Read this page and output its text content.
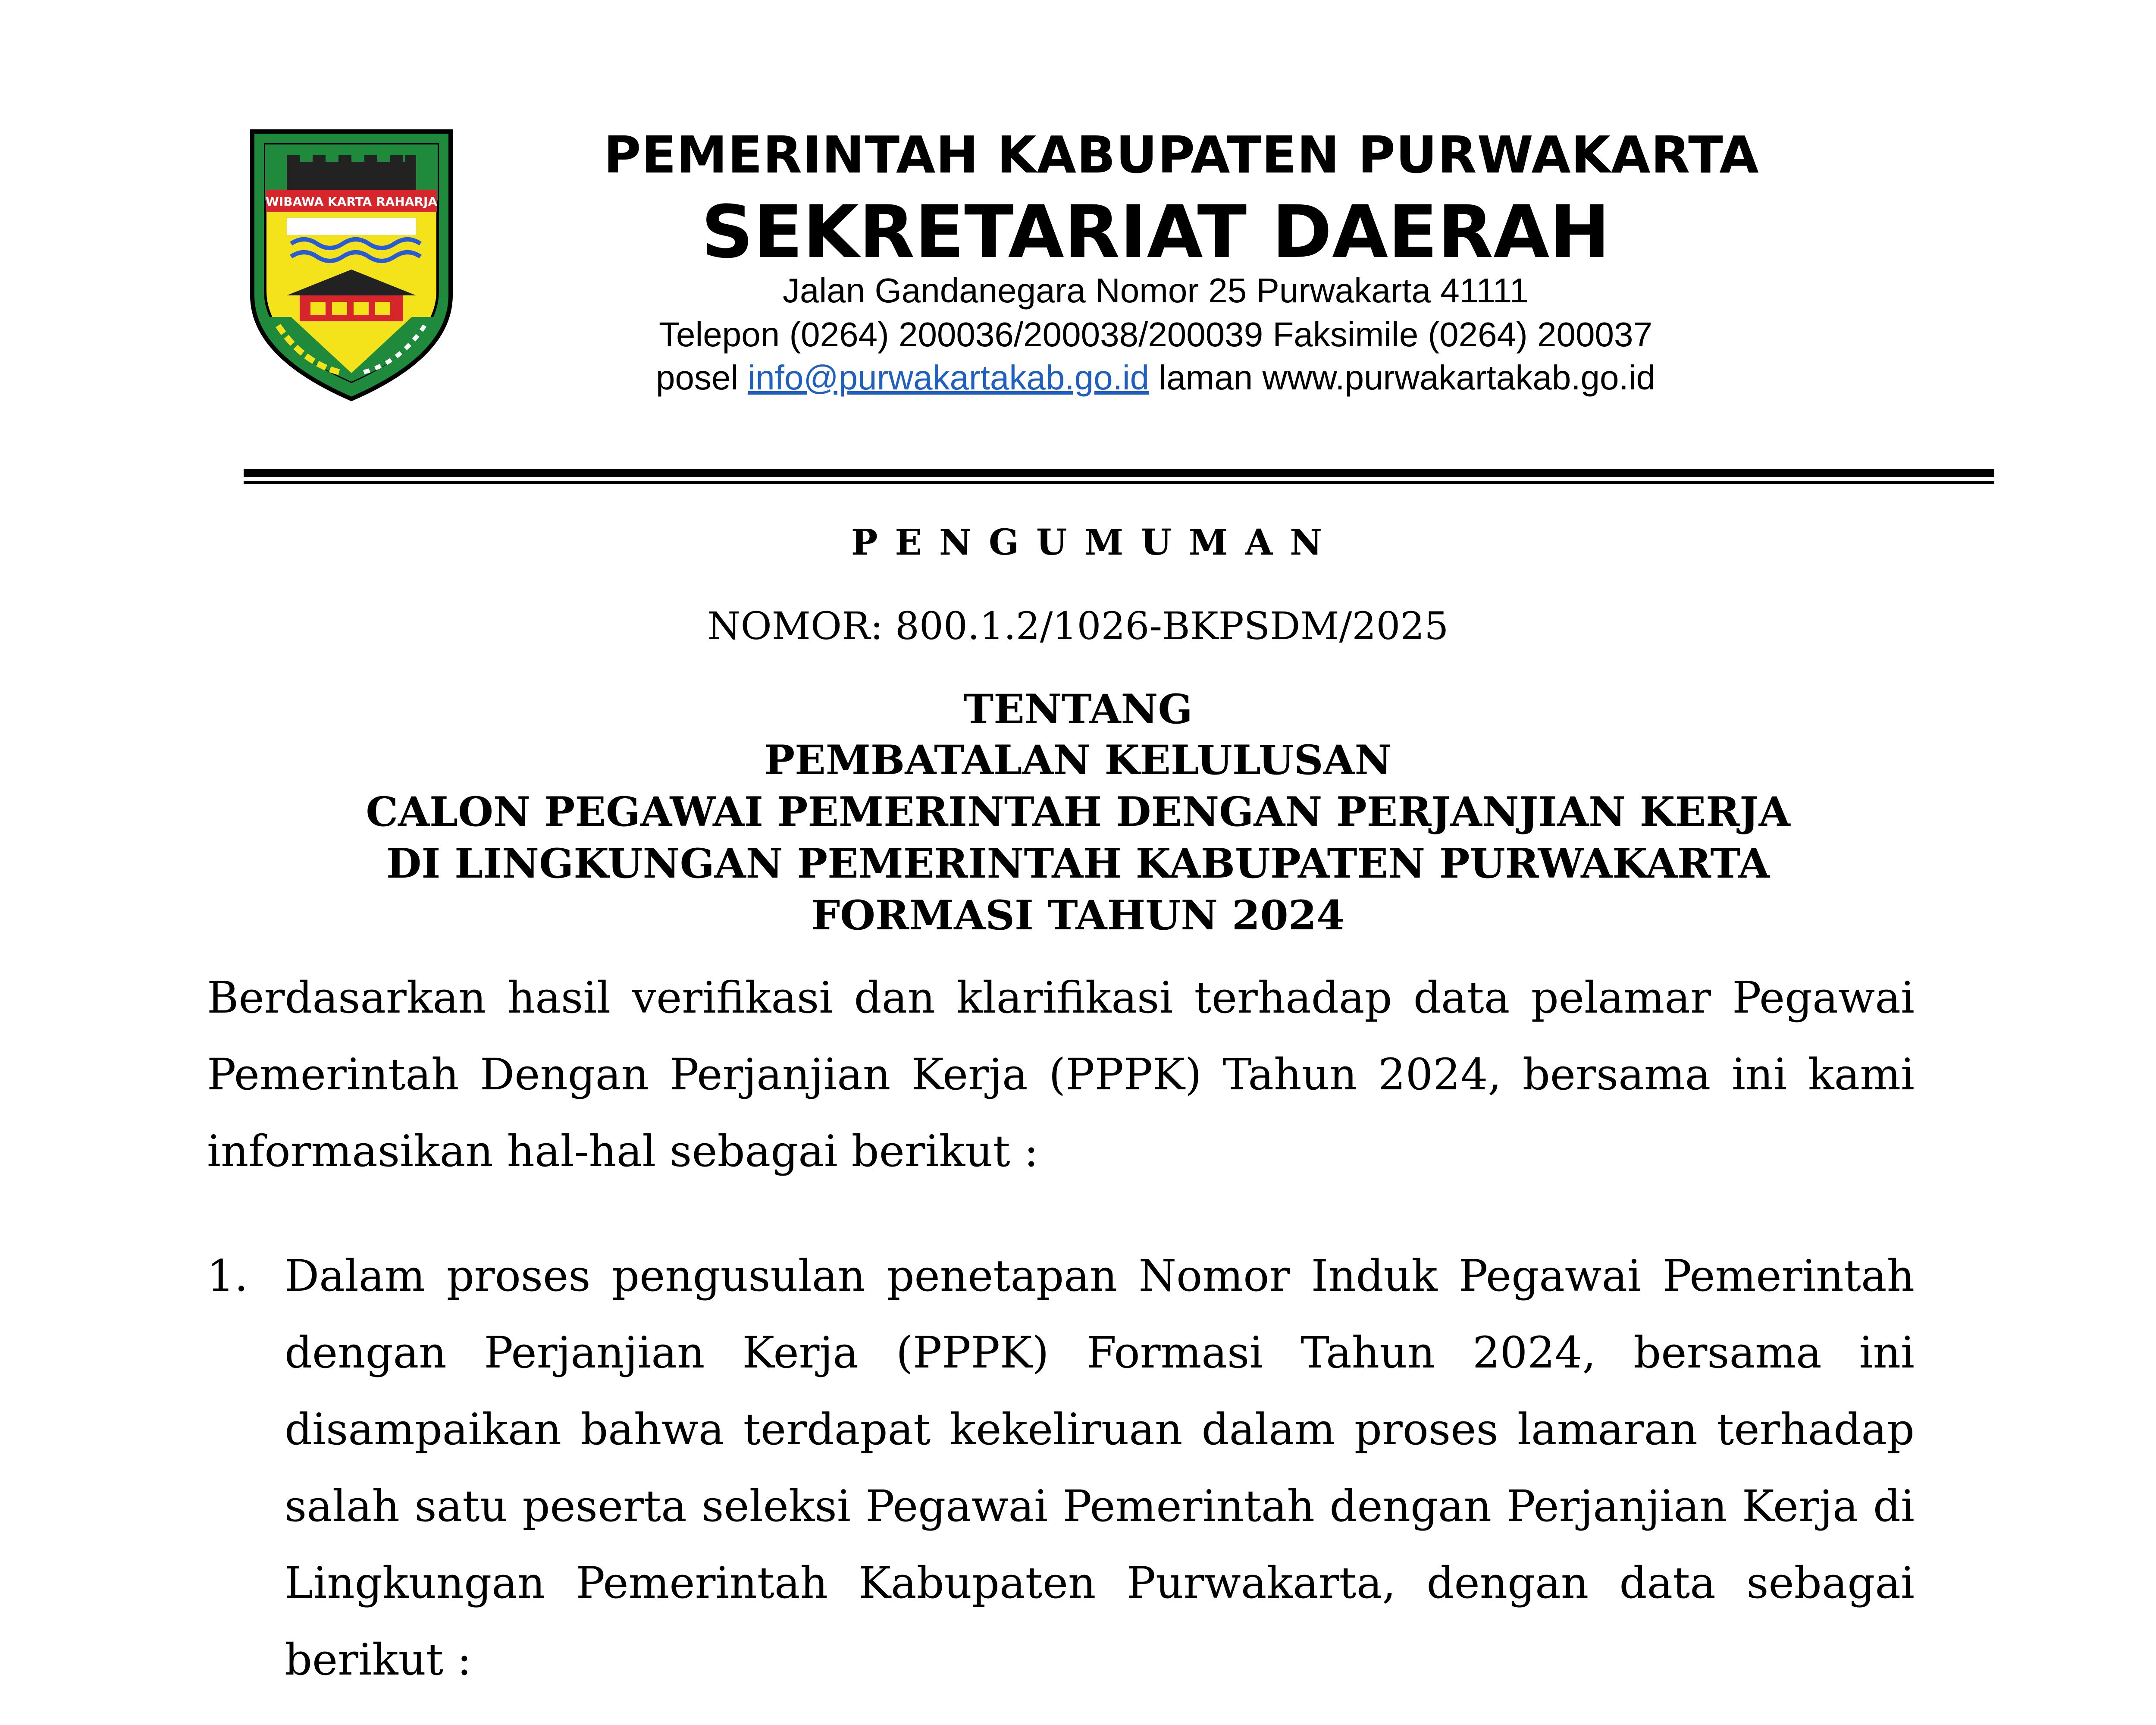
WIBAWA KARTA RAHARJA
PEMERINTAH KABUPATEN PURWAKARTA
SEKRETARIAT DAERAH
Jalan Gandanegara Nomor 25 Purwakarta 41111
Telepon (0264) 200036/200038/200039 Faksimile (0264) 200037
posel info@purwakartakab.go.id laman www.purwakartakab.go.id
PENGUMUMAN
NOMOR: 800.1.2/1026-BKPSDM/2025
TENTANG
PEMBATALAN KELULUSAN
CALON PEGAWAI PEMERINTAH DENGAN PERJANJIAN KERJA
DI LINGKUNGAN PEMERINTAH KABUPATEN PURWAKARTA
FORMASI TAHUN 2024

Berdasarkan hasil verifikasi dan klarifikasi terhadap data pelamar Pegawai Pemerintah Dengan Perjanjian Kerja (PPPK) Tahun 2024, bersama ini kami informasikan hal-hal sebagai berikut :

1. Dalam proses pengusulan penetapan Nomor Induk Pegawai Pemerintah dengan Perjanjian Kerja (PPPK) Formasi Tahun 2024, bersama ini disampaikan bahwa terdapat kekeliruan dalam proses lamaran terhadap salah satu peserta seleksi Pegawai Pemerintah dengan Perjanjian Kerja di Lingkungan Pemerintah Kabupaten Purwakarta, dengan data sebagai berikut :
